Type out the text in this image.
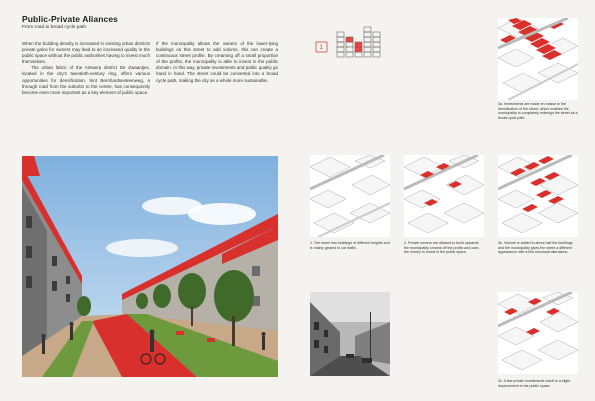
Public-Private Aliances
From road to broad cycle path

When the building density is increased in existing urban districts private gains for owners may lead to an increased quality in the public space without the public authorities having to invest much themselves.

The urban fabric of the Antwerp district De Zwaantjes, located in the city's twentieth-century ring, offers various opportunities for densification. Sint Bernhardsesteenweg, a through road from the suburbs to the centre, has consequently become even more important as a key element of public space.

If the municipality allows the owners of the lower-lying buildings on this street to add volume, this can create a continuous street profile. By creaming off a small proportion of the profits, the municipality is able to invest in the public domain. In this way, private investments and public quality go hand in hand. The street could be converted into a broad cycle path, making the city as a whole more sustainable.

1	2
3a. Investments are made en masse in the densification of the street, which enables the municipality to completely redesign the street as a broad cycle path.
1. The street has buildings of different heights and is mainly geared to car traffic.
2. Private owners are allowed to build upwards; the municipality creams off the profits and uses the money to invest in the public space.
3b. Volume is added to about half the buildings and the municipality gives the street a different appearance with a few structural alterations.
3c. A few private investments result in a slight improvement in the public space.
